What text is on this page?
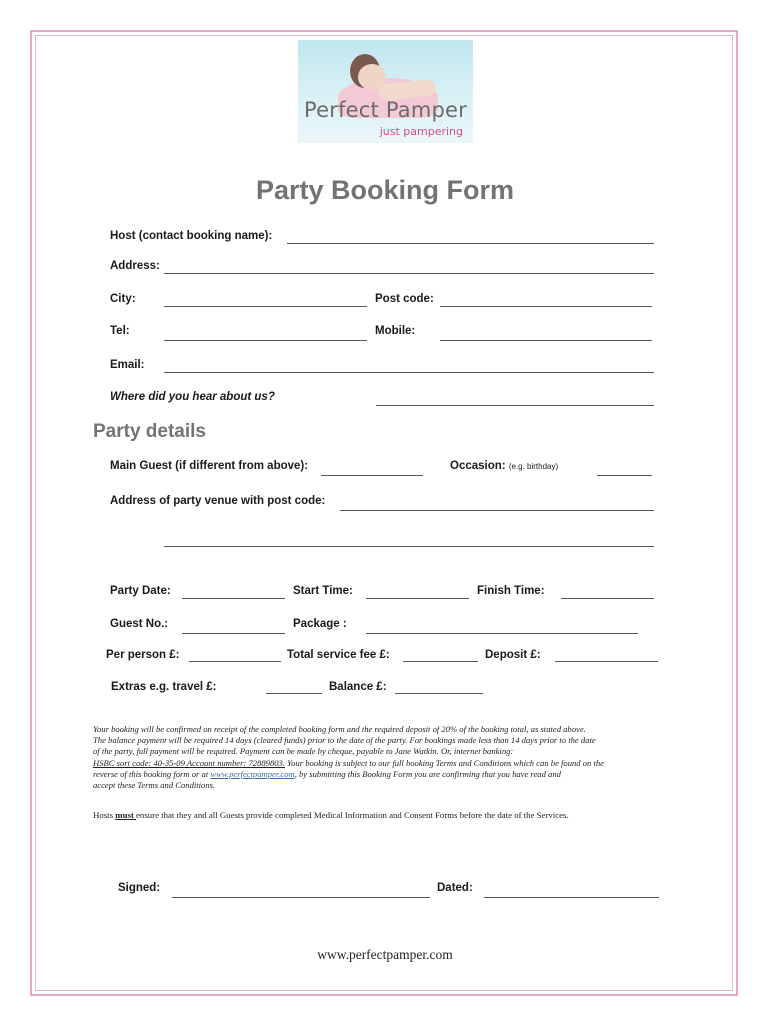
Perfect Pamper
just pampering
Party Booking Form
Host (contact booking name):
Address:
City:	Post code:
Tel:	Mobile:
Email:
Where did you hear about us?
Party details
Main Guest (if different from above):	Occasion: (e.g. birthday)
Address of party venue with post code:
Party Date:	Start Time:	Finish Time:
Guest No.:	Package :
Per person £:	Total service fee £:	Deposit £:
Extras e.g. travel £:	Balance £:
Your booking will be confirmed on receipt of the completed booking form and the required deposit of 20% of the booking total, as stated above.
The balance payment will be required 14 days (cleared funds) prior to the date of the party. For bookings made less than 14 days prior to the date
of the party, full payment will be required. Payment can be made by cheque, payable to Jane Watkin. Or, internet banking:
HSBC sort code: 40-35-09 Account number: 72889803. Your booking is subject to our full booking Terms and Conditions which can be found on the
reverse of this booking form or at www.perfectpamper.com, by submitting this Booking Form you are confirming that you have read and
accept these Terms and Conditions.
Hosts must ensure that they and all Guests provide completed Medical Information and Consent Forms before the date of the Services.
Signed:	Dated:
www.perfectpamper.com
